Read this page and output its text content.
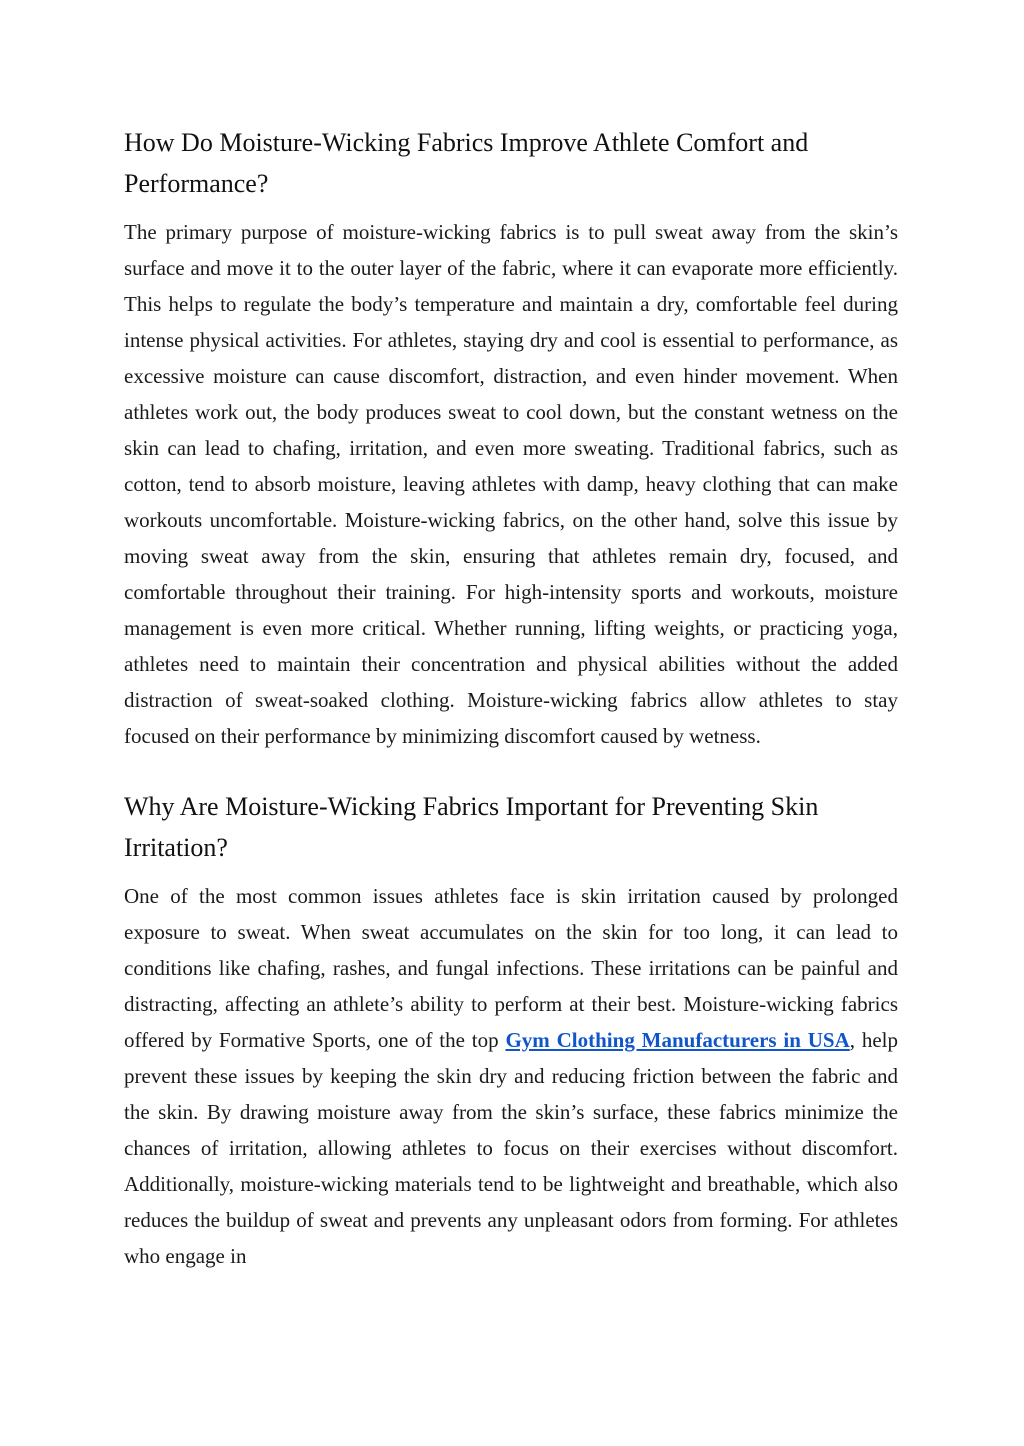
How Do Moisture-Wicking Fabrics Improve Athlete Comfort and Performance?

The primary purpose of moisture-wicking fabrics is to pull sweat away from the skin’s surface and move it to the outer layer of the fabric, where it can evaporate more efficiently. This helps to regulate the body’s temperature and maintain a dry, comfortable feel during intense physical activities. For athletes, staying dry and cool is essential to performance, as excessive moisture can cause discomfort, distraction, and even hinder movement. When athletes work out, the body produces sweat to cool down, but the constant wetness on the skin can lead to chafing, irritation, and even more sweating. Traditional fabrics, such as cotton, tend to absorb moisture, leaving athletes with damp, heavy clothing that can make workouts uncomfortable. Moisture-wicking fabrics, on the other hand, solve this issue by moving sweat away from the skin, ensuring that athletes remain dry, focused, and comfortable throughout their training. For high-intensity sports and workouts, moisture management is even more critical. Whether running, lifting weights, or practicing yoga, athletes need to maintain their concentration and physical abilities without the added distraction of sweat-soaked clothing. Moisture-wicking fabrics allow athletes to stay focused on their performance by minimizing discomfort caused by wetness.

Why Are Moisture-Wicking Fabrics Important for Preventing Skin Irritation?

One of the most common issues athletes face is skin irritation caused by prolonged exposure to sweat. When sweat accumulates on the skin for too long, it can lead to conditions like chafing, rashes, and fungal infections. These irritations can be painful and distracting, affecting an athlete’s ability to perform at their best. Moisture-wicking fabrics offered by Formative Sports, one of the top Gym Clothing Manufacturers in USA, help prevent these issues by keeping the skin dry and reducing friction between the fabric and the skin. By drawing moisture away from the skin’s surface, these fabrics minimize the chances of irritation, allowing athletes to focus on their exercises without discomfort. Additionally, moisture-wicking materials tend to be lightweight and breathable, which also reduces the buildup of sweat and prevents any unpleasant odors from forming. For athletes who engage in
